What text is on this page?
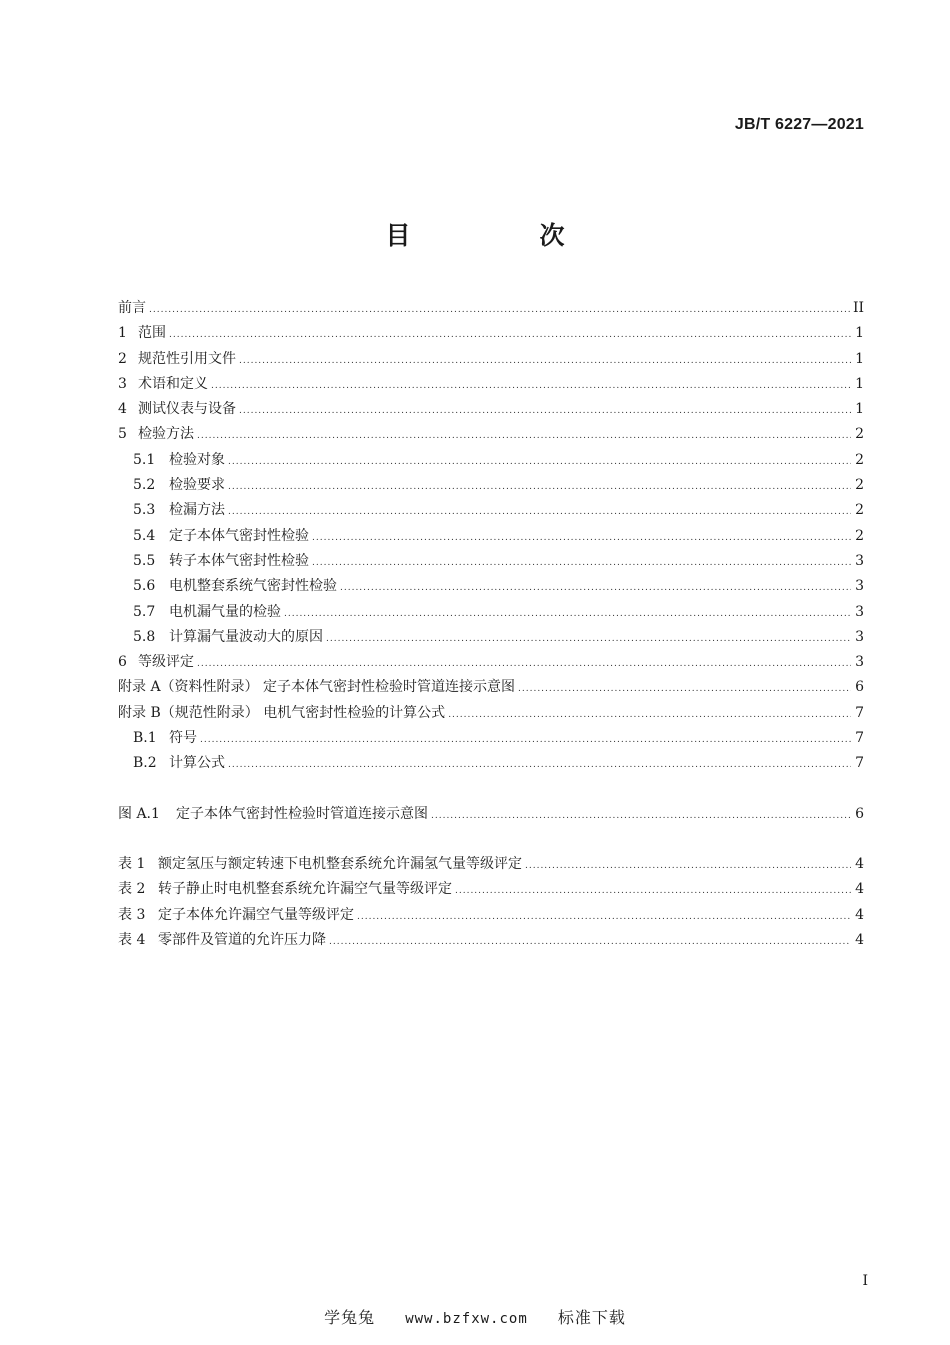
JB/T 6227—2021
目　次
前言 .....	II
1 范围 .....	1
2 规范性引用文件 .....	1
3 术语和定义 .....	1
4 测试仪表与设备 .....	1
5 检验方法 .....	2
5.1 检验对象 .....	2
5.2 检验要求 .....	2
5.3 检漏方法 .....	2
5.4 定子本体气密封性检验 .....	2
5.5 转子本体气密封性检验 .....	3
5.6 电机整套系统气密封性检验 .....	3
5.7 电机漏气量的检验 .....	3
5.8 计算漏气量波动大的原因 .....	3
6 等级评定 .....	3
附录 A（资料性附录） 定子本体气密封性检验时管道连接示意图 .....	6
附录 B（规范性附录） 电机气密封性检验的计算公式 .....	7
B.1 符号 .....	7
B.2 计算公式 .....	7
图 A.1	定子本体气密封性检验时管道连接示意图 .....	6
表 1 额定氢压与额定转速下电机整套系统允许漏氢气量等级评定 .....	4
表 2 转子静止时电机整套系统允许漏空气量等级评定 .....	4
表 3 定子本体允许漏空气量等级评定 .....	4
表 4 零部件及管道的允许压力降 .....	4
I
学兔兔 www.bzfxw.com 标准下载
